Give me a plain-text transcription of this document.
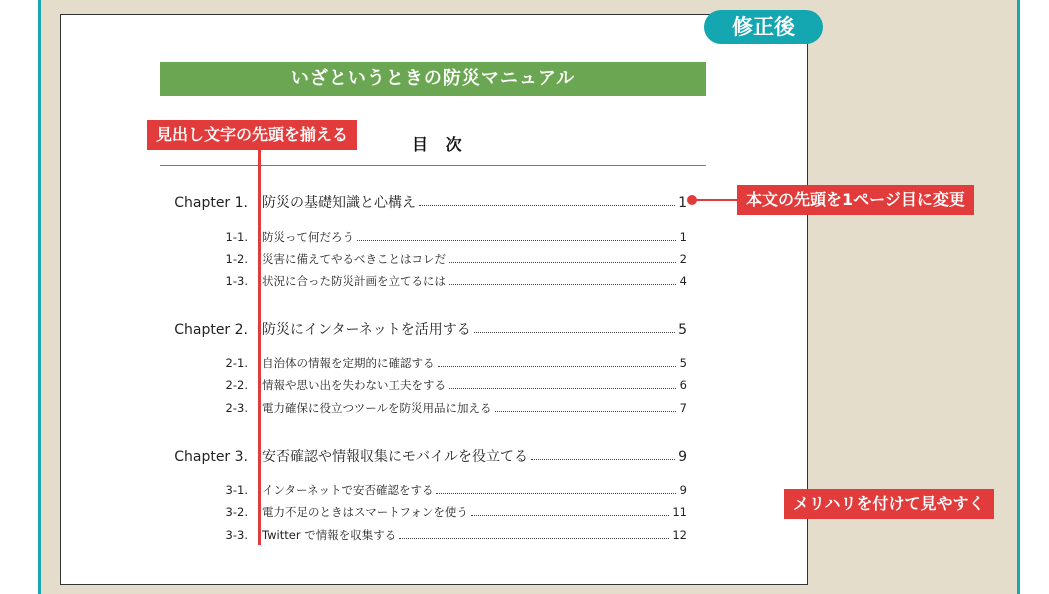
修正後
いざというときの防災マニュアル
目 次
見出し文字の先頭を揃える
本文の先頭を1ページ目に変更
メリハリを付けて見やすく
Chapter 1. 防災の基礎知識と心構え	1
1-1. 防災って何だろう	1
1-2. 災害に備えてやるべきことはコレだ	2
1-3. 状況に合った防災計画を立てるには	4
Chapter 2. 防災にインターネットを活用する	5
2-1. 自治体の情報を定期的に確認する	5
2-2. 情報や思い出を失わない工夫をする	6
2-3. 電力確保に役立つツールを防災用品に加える	7
Chapter 3. 安否確認や情報収集にモバイルを役立てる	9
3-1. インターネットで安否確認をする	9
3-2. 電力不足のときはスマートフォンを使う	11
3-3. Twitter で情報を収集する	12
